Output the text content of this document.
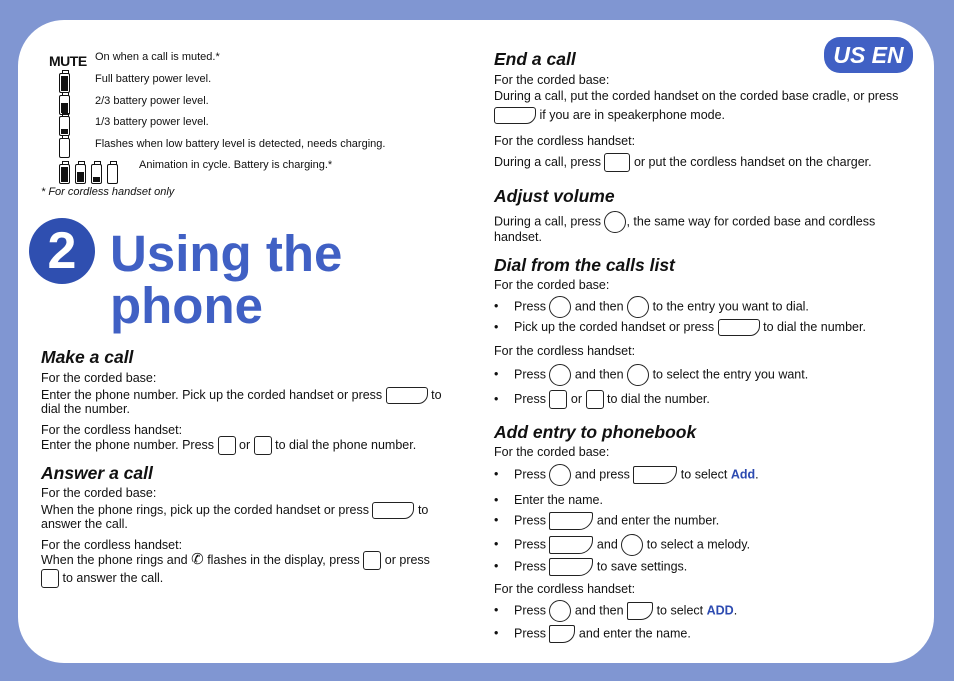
US EN
MUTE On when a call is muted.*
Full battery power level.
2/3 battery power level.
1/3 battery power level.
Flashes when low battery level is detected, needs charging.
Animation in cycle. Battery is charging.*
* For cordless handset only
2 Using the
phone
Make a call
For the corded base:
Enter the phone number. Pick up the corded handset or press	to
dial the number.
For the cordless handset:
Enter the phone number. Press or to dial the phone number.
Answer a call
For the corded base:
When the phone rings, pick up the corded handset or press	to
answer the call.
For the cordless handset:
When the phone rings and ✆ flashes in the display, press or press
to answer the call.
End a call
For the corded base:
During a call, put the corded handset on the corded base cradle, or press
if you are in speakerphone mode.
For the cordless handset:
During a call, press	or put the cordless handset on the charger.
Adjust volume
During a call, press , the same way for corded base and cordless
handset.
Dial from the calls list
For the corded base:
• Press and then to the entry you want to dial.
• Pick up the corded handset or press	to dial the number.
For the cordless handset:
• Press and then to select the entry you want.
• Press or to dial the number.
Add entry to phonebook
For the corded base:
• Press and press	to select Add.
• Enter the name.
• Press	and enter the number.
• Press	and to select a melody.
• Press	to save settings.
For the cordless handset:
• Press and then	to select ADD.
• Press	and enter the name.
